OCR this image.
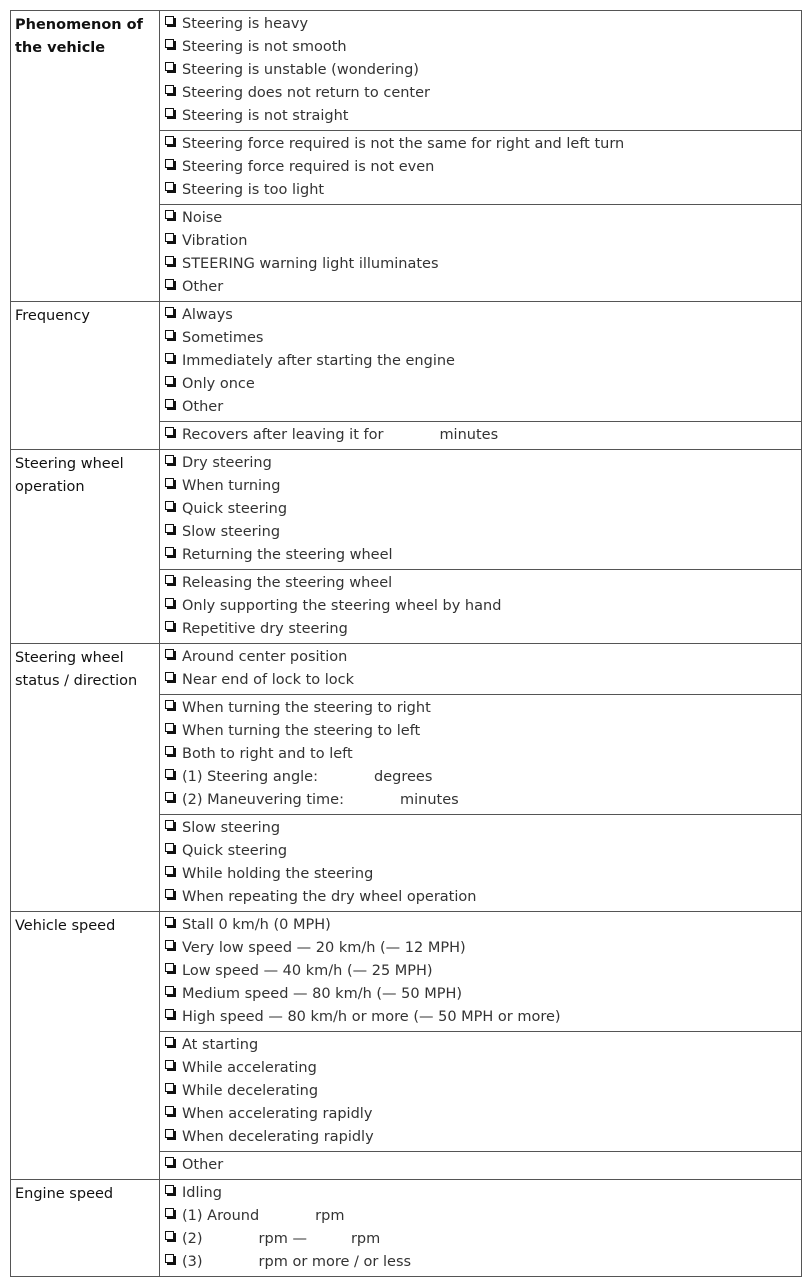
Phenomenon of the vehicle	Steering is heavy
Steering is not smooth
Steering is unstable (wondering)
Steering does not return to center
Steering is not straight

	Steering force required is not the same for right and left turn
Steering force required is not even
Steering is too light

	Noise
Vibration
STEERING warning light illuminates
Other

Frequency	Always
Sometimes
Immediately after starting the engine
Only once
Other

	Recovers after leaving it for minutes

Steering wheel operation	Dry steering
When turning
Quick steering
Slow steering
Returning the steering wheel

	Releasing the steering wheel
Only supporting the steering wheel by hand
Repetitive dry steering

Steering wheel status / direction	Around center position
Near end of lock to lock

	When turning the steering to right
When turning the steering to left
Both to right and to left
(1) Steering angle: degrees
(2) Maneuvering time: minutes

	Slow steering
Quick steering
While holding the steering
When repeating the dry wheel operation

Vehicle speed	Stall 0 km/h (0 MPH)
Very low speed — 20 km/h (— 12 MPH)
Low speed — 40 km/h (— 25 MPH)
Medium speed — 80 km/h (— 50 MPH)
High speed — 80 km/h or more (— 50 MPH or more)

	At starting
While accelerating
While decelerating
When accelerating rapidly
When decelerating rapidly

	Other

Engine speed	Idling
(1) Around rpm
(2) rpm — rpm
(3) rpm or more / or less
